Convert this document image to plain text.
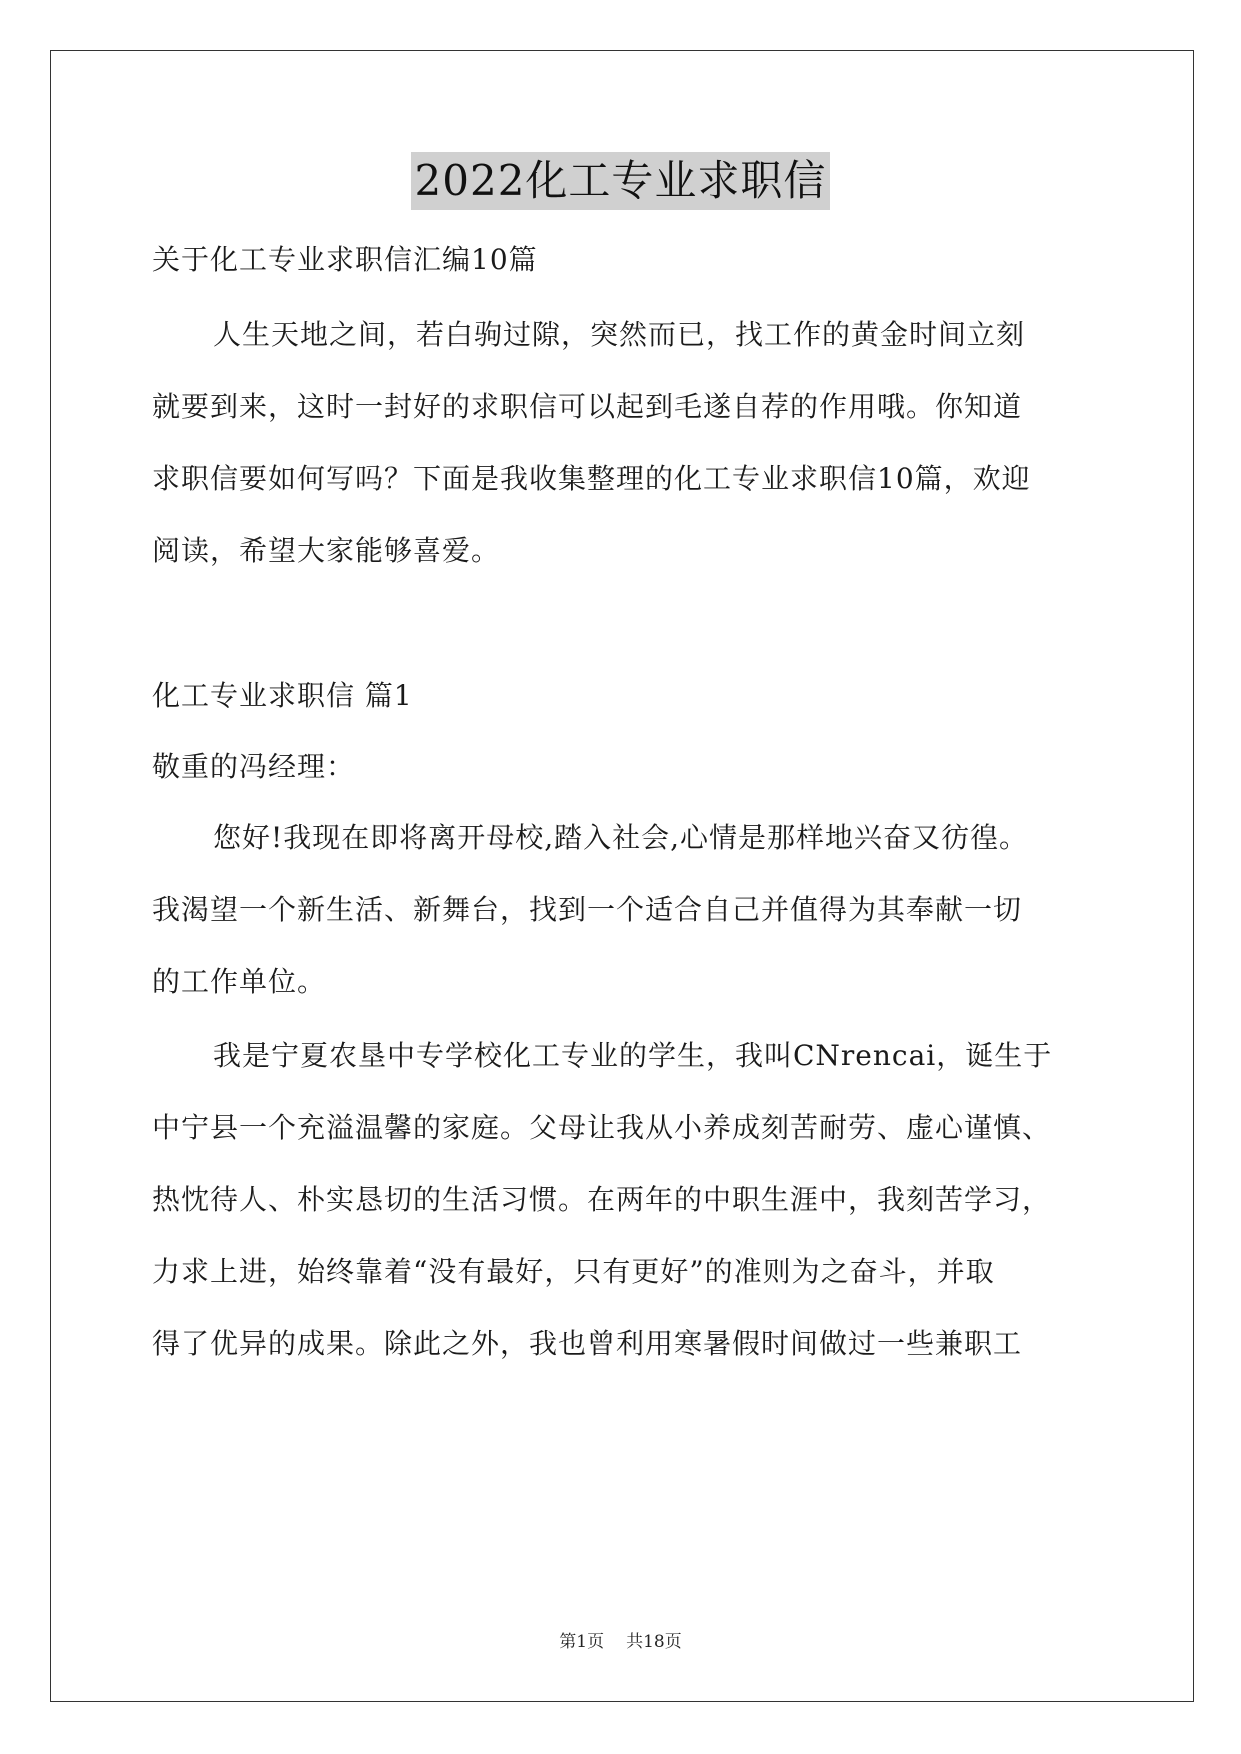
2022化工专业求职信
关于化工专业求职信汇编10篇
人生天地之间，若白驹过隙，突然而已，找工作的黄金时间立刻
就要到来，这时一封好的求职信可以起到毛遂自荐的作用哦。你知道
求职信要如何写吗？下面是我收集整理的化工专业求职信10篇，欢迎
阅读，希望大家能够喜爱。
化工专业求职信 篇1
敬重的冯经理：
您好!我现在即将离开母校,踏入社会,心情是那样地兴奋又彷徨。
我渴望一个新生活、新舞台，找到一个适合自己并值得为其奉献一切
的工作单位。
我是宁夏农垦中专学校化工专业的学生，我叫CNrencai，诞生于
中宁县一个充溢温馨的家庭。父母让我从小养成刻苦耐劳、虚心谨慎、
热忱待人、朴实恳切的生活习惯。在两年的中职生涯中，我刻苦学习，
力求上进，始终靠着“没有最好，只有更好”的准则为之奋斗，并取
得了优异的成果。除此之外，我也曾利用寒暑假时间做过一些兼职工
第1页 共18页
